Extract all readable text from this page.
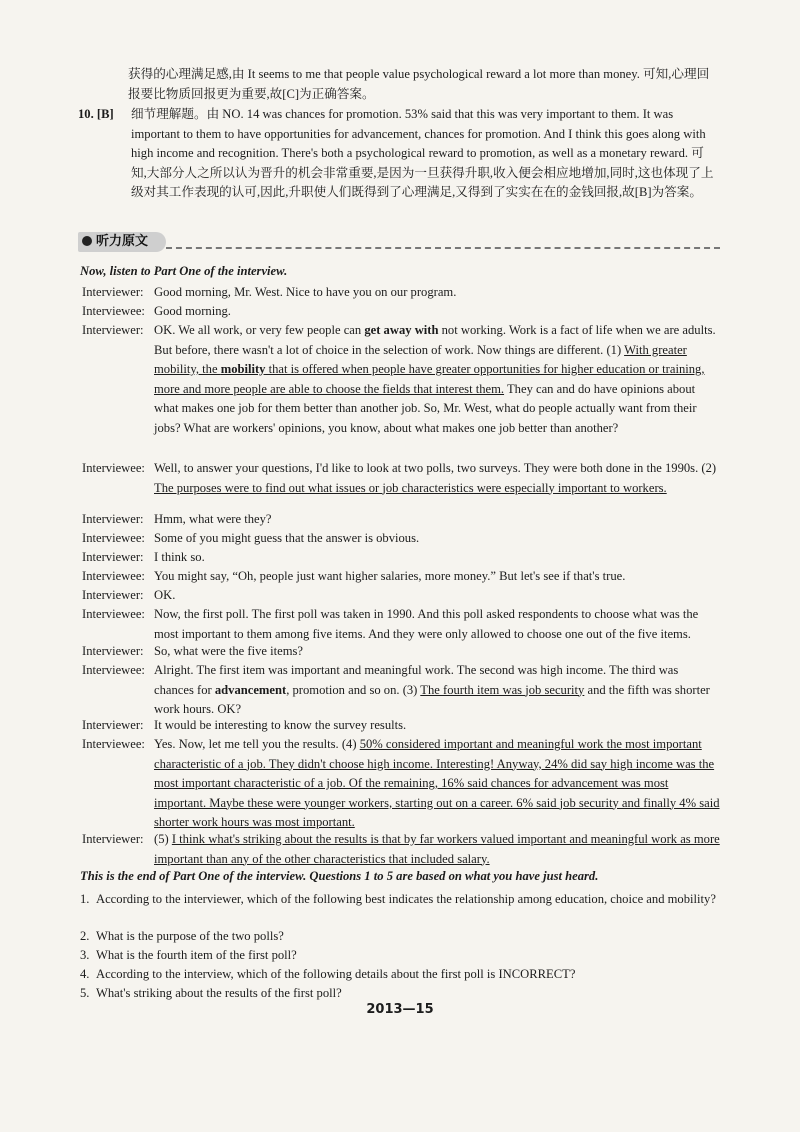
获得的心理满足感,由 It seems to me that people value psychological reward a lot more than money. 可知,心理回报要比物质回报更为重要,故[C]为正确答案。
10. [B]	细节理解题。由 NO. 14 was chances for promotion. 53% said that this was very important to them. It was important to them to have opportunities for advancement, chances for promotion. And I think this goes along with high income and recognition. There's both a psychological reward to promotion, as well as a monetary reward. 可知,大部分人之所以认为晋升的机会非常重要,是因为一旦获得升职,收入便会相应地增加,同时,这也体现了上级对其工作表现的认可,因此,升职使人们既得到了心理满足,又得到了实实在在的金钱回报,故[B]为答案。
听力原文
Now, listen to Part One of the interview.
Interviewer: Good morning, Mr. West. Nice to have you on our program.
Interviewee: Good morning.
Interviewer: OK. We all work, or very few people can get away with not working. Work is a fact of life when we are adults. But before, there wasn't a lot of choice in the selection of work. Now things are different. (1) With greater mobility, the mobility that is offered when people have greater opportunities for higher education or training, more and more people are able to choose the fields that interest them. They can and do have opinions about what makes one job for them better than another job. So, Mr. West, what do people actually want from their jobs? What are workers' opinions, you know, about what makes one job better than another?
Interviewee: Well, to answer your questions, I'd like to look at two polls, two surveys. They were both done in the 1990s. (2) The purposes were to find out what issues or job characteristics were especially important to workers.
Interviewer: Hmm, what were they?
Interviewee: Some of you might guess that the answer is obvious.
Interviewer: I think so.
Interviewee: You might say, “Oh, people just want higher salaries, more money.” But let's see if that's true.
Interviewer: OK.
Interviewee: Now, the first poll. The first poll was taken in 1990. And this poll asked respondents to choose what was the most important to them among five items. And they were only allowed to choose one out of the five items.
Interviewer: So, what were the five items?
Interviewee: Alright. The first item was important and meaningful work. The second was high income. The third was chances for advancement, promotion and so on. (3) The fourth item was job security and the fifth was shorter work hours. OK?
Interviewer: It would be interesting to know the survey results.
Interviewee: Yes. Now, let me tell you the results. (4) 50% considered important and meaningful work the most important characteristic of a job. They didn't choose high income. Interesting! Anyway, 24% did say high income was the most important characteristic of a job. Of the remaining, 16% said chances for advancement was most important. Maybe these were younger workers, starting out on a career. 6% said job security and finally 4% said shorter work hours was most important.
Interviewer: (5) I think what's striking about the results is that by far workers valued important and meaningful work as more important than any of the other characteristics that included salary.
This is the end of Part One of the interview. Questions 1 to 5 are based on what you have just heard.
1. According to the interviewer, which of the following best indicates the relationship among education, choice and mobility?
2. What is the purpose of the two polls?
3. What is the fourth item of the first poll?
4. According to the interview, which of the following details about the first poll is INCORRECT?
5. What's striking about the results of the first poll?
2013—15
